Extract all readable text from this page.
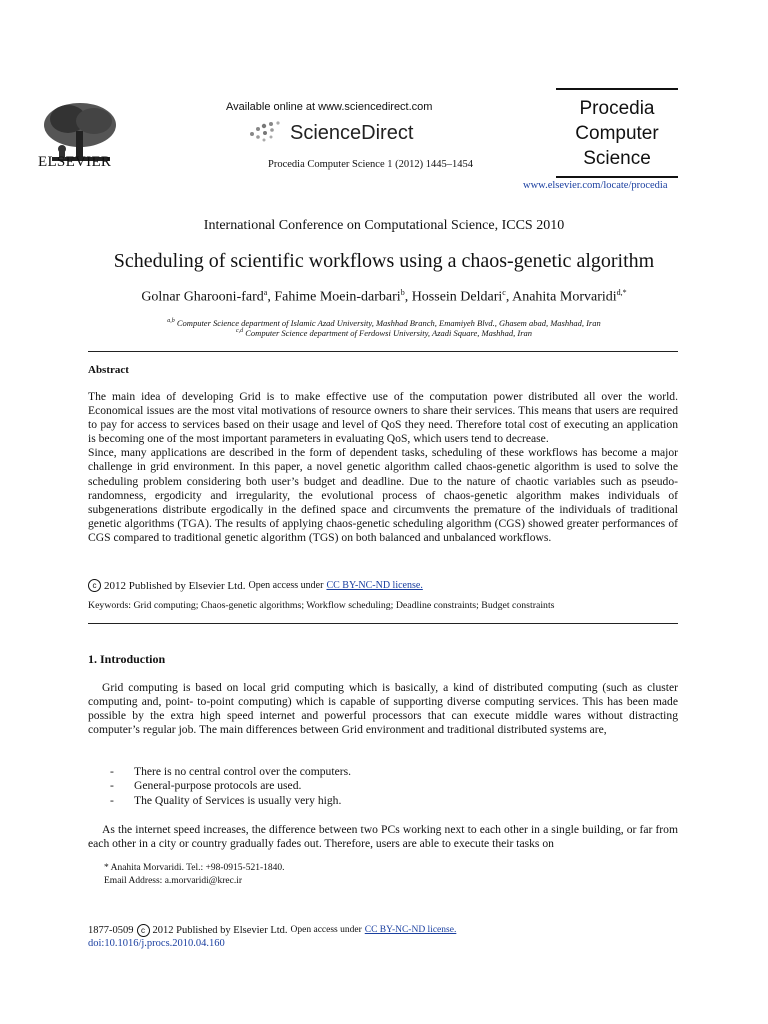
ELSEVIER
Available online at www.sciencedirect.com
ScienceDirect
Procedia Computer Science 1 (2012) 1445–1454
Procedia
Computer
Science
www.elsevier.com/locate/procedia
International Conference on Computational Science, ICCS 2010
Scheduling of scientific workflows using a chaos-genetic algorithm
Golnar Gharooni-fard$^a$, Fahime Moein-darbari$^b$, Hossein Deldari$^c$, Anahita Morvaridi$^{d,*}$
$^{a,b}$ Computer Science department of Islamic Azad University, Mashhad Branch, Emamiyeh Blvd., Ghasem abad, Mashhad, Iran
$^{c,d}$ Computer Science department of Ferdowsi University, Azadi Square, Mashhad, Iran
Abstract

The main idea of developing Grid is to make effective use of the computation power distributed all over the world. Economical issues are the most vital motivations of resource owners to share their services. This means that users are required to pay for access to services based on their usage and level of QoS they need. Therefore total cost of executing an application is becoming one of the most important parameters in evaluating QoS, which users tend to decrease.

Since, many applications are described in the form of dependent tasks, scheduling of these workflows has become a major challenge in grid environment. In this paper, a novel genetic algorithm called chaos-genetic algorithm is used to solve the scheduling problem considering both user’s budget and deadline. Due to the nature of chaotic variables such as pseudo-randomness, ergodicity and irregularity, the evolutional process of chaos-genetic algorithm makes individuals of subgenerations distribute ergodically in the defined space and circumvents the premature of the individuals of traditional genetic algorithms (TGA). The results of applying chaos-genetic scheduling algorithm (CGS) showed greater performances of CGS compared to traditional genetic algorithm (TGS) on both balanced and unbalanced workflows.

c 2012 Published by Elsevier Ltd. Open access under CC BY-NC-ND license.
Keywords: Grid computing; Chaos-genetic algorithms; Workflow scheduling; Deadline constraints; Budget constraints
1. Introduction

Grid computing is based on local grid computing which is basically, a kind of distributed computing (such as cluster computing and, point- to-point computing) which is capable of supporting diverse computing services. This has been made possible by the extra high speed internet and powerful processors that can execute middle wares without distracting computer’s regular job. The main differences between Grid environment and traditional distributed systems are,

-	There is no central control over the computers.
-	General-purpose protocols are used.
-	The Quality of Services is usually very high.

As the internet speed increases, the difference between two PCs working next to each other in a single building, or far from each other in a city or country gradually fades out. Therefore, users are able to execute their tasks on

* Anahita Morvaridi. Tel.: +98-0915-521-1840.
Email Address: a.morvaridi@krec.ir
1877-0509 c 2012 Published by Elsevier Ltd. Open access under CC BY-NC-ND license.
doi:10.1016/j.procs.2010.04.160
